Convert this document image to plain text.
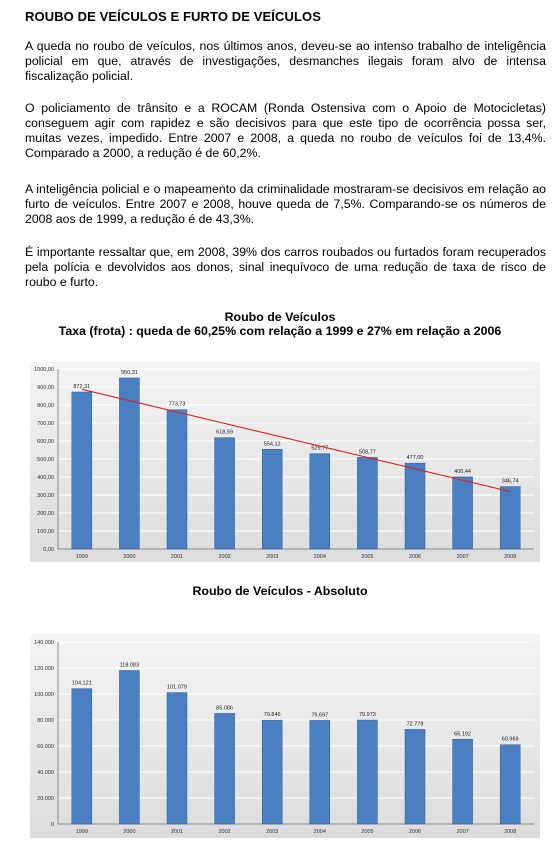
ROUBO DE VEÍCULOS E FURTO DE VEÍCULOS
A queda no roubo de veículos, nos últimos anos, deveu-se ao intenso trabalho de inteligência policial em que, através de investigações, desmanches ilegais foram alvo de intensa fiscalização policial.
O policiamento de trânsito e a ROCAM (Ronda Ostensiva com o Apoio de Motocicletas) conseguem agir com rapidez e são decisivos para que este tipo de ocorrência possa ser, muitas vezes, impedido. Entre 2007 e 2008, a queda no roubo de veículos foi de 13,4%. Comparado a 2000, a redução é de 60,2%.
A inteligência policial e o mapeamento da criminalidade mostraram-se decisivos em relação ao furto de veículos. Entre 2007 e 2008, houve queda de 7,5%. Comparando-se os números de 2008 aos de 1999, a redução é de 43,3%.
É importante ressaltar que, em 2008, 39% dos carros roubados ou furtados foram recuperados pela polícia e devolvidos aos donos, sinal inequívoco de uma redução de taxa de risco de roubo e furto.
Roubo de Veículos
Taxa (frota) : queda de 60,25% com relação a 1999 e 27% em relação a 2006
0,00
100,00
200,00
300,00
400,00
500,00
600,00
700,00
800,00
900,00
1000,00
872,31
1999
950,31
2000
773,73
2001
618,59
2002
554,12
2003
529,77
2004
508,77
2005
477,00
2006
400,44
2007
346,74
2008
Roubo de Veículos - Absoluto
0
20.000
40.000
60.000
80.000
100.000
120.000
140.000
104.121
1999
118.083
2000
101.079
2001
85.086
2002
79.846
2003
79.697
2004
79.973
2005
72.778
2006
65.192
2007
60.969
2008
